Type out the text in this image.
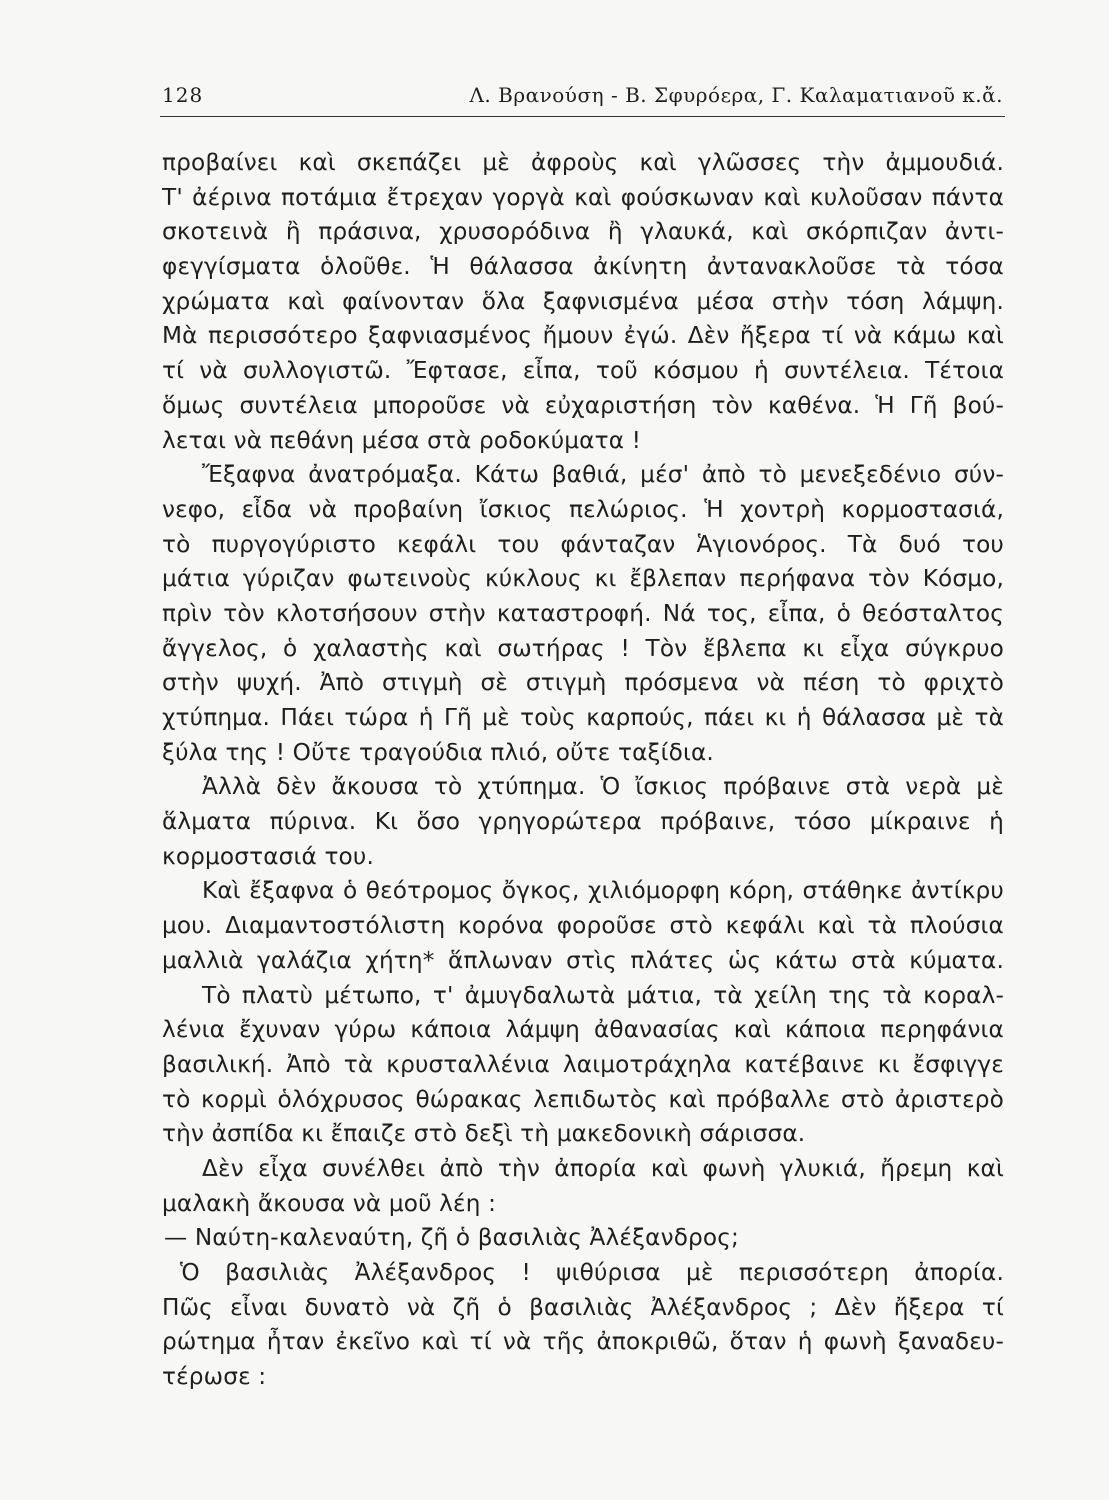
128	Λ. Βρανούση - Β. Σφυρόερα, Γ. Καλαματιανοῦ κ.ἄ.
προβαίνει καὶ σκεπάζει μὲ ἀφροὺς καὶ γλῶσσες τὴν ἀμμουδιά.
Τ' ἀέρινα ποτάμια ἔτρεχαν γοργὰ καὶ φούσκωναν καὶ κυλοῦσαν πάντα
σκοτεινὰ ἢ πράσινα, χρυσορόδινα ἢ γλαυκά, καὶ σκόρπιζαν ἀντι-
φεγγίσματα ὁλοῦθε. Ἡ θάλασσα ἀκίνητη ἀντανακλοῦσε τὰ τόσα
χρώματα καὶ φαίνονταν ὅλα ξαφνισμένα μέσα στὴν τόση λάμψη.
Μὰ περισσότερο ξαφνιασμένος ἤμουν ἐγώ. Δὲν ἤξερα τί νὰ κάμω καὶ
τί νὰ συλλογιστῶ. Ἔφτασε, εἶπα, τοῦ κόσμου ἡ συντέλεια. Τέτοια
ὅμως συντέλεια μποροῦσε νὰ εὐχαριστήση τὸν καθένα. Ἡ Γῆ βού-
λεται νὰ πεθάνη μέσα στὰ ροδοκύματα !
Ἔξαφνα ἀνατρόμαξα. Κάτω βαθιά, μέσ' ἀπὸ τὸ μενεξεδένιο σύν-
νεφο, εἶδα νὰ προβαίνη ἴσκιος πελώριος. Ἡ χοντρὴ κορμοστασιά,
τὸ πυργογύριστο κεφάλι του φάνταζαν Ἁγιονόρος. Τὰ δυό του
μάτια γύριζαν φωτεινοὺς κύκλους κι ἔβλεπαν περήφανα τὸν Κόσμο,
πρὶν τὸν κλοτσήσουν στὴν καταστροφή. Νά τος, εἶπα, ὁ θεόσταλτος
ἄγγελος, ὁ χαλαστὴς καὶ σωτήρας ! Τὸν ἔβλεπα κι εἶχα σύγκρυο
στὴν ψυχή. Ἀπὸ στιγμὴ σὲ στιγμὴ πρόσμενα νὰ πέση τὸ φριχτὸ
χτύπημα. Πάει τώρα ἡ Γῆ μὲ τοὺς καρπούς, πάει κι ἡ θάλασσα μὲ τὰ
ξύλα της ! Οὔτε τραγούδια πλιό, οὔτε ταξίδια.
Ἀλλὰ δὲν ἄκουσα τὸ χτύπημα. Ὁ ἴσκιος πρόβαινε στὰ νερὰ μὲ
ἅλματα πύρινα. Κι ὅσο γρηγορώτερα πρόβαινε, τόσο μίκραινε ἡ
κορμοστασιά του.
Καὶ ἔξαφνα ὁ θεότρομος ὄγκος, χιλιόμορφη κόρη, στάθηκε ἀντίκρυ
μου. Διαμαντοστόλιστη κορόνα φοροῦσε στὸ κεφάλι καὶ τὰ πλούσια
μαλλιὰ γαλάζια χήτη* ἅπλωναν στὶς πλάτες ὡς κάτω στὰ κύματα.
Τὸ πλατὺ μέτωπο, τ' ἀμυγδαλωτὰ μάτια, τὰ χείλη της τὰ κοραλ-
λένια ἔχυναν γύρω κάποια λάμψη ἀθανασίας καὶ κάποια περηφάνια
βασιλική. Ἀπὸ τὰ κρυσταλλένια λαιμοτράχηλα κατέβαινε κι ἔσφιγγε
τὸ κορμὶ ὁλόχρυσος θώρακας λεπιδωτὸς καὶ πρόβαλλε στὸ ἀριστερὸ
τὴν ἀσπίδα κι ἔπαιζε στὸ δεξὶ τὴ μακεδονικὴ σάρισσα.
Δὲν εἶχα συνέλθει ἀπὸ τὴν ἀπορία καὶ φωνὴ γλυκιά, ἤρεμη καὶ
μαλακὴ ἄκουσα νὰ μοῦ λέη :
— Ναύτη-καλεναύτη, ζῆ ὁ βασιλιὰς Ἀλέξανδρος;
Ὁ βασιλιὰς Ἀλέξανδρος ! ψιθύρισα μὲ περισσότερη ἀπορία.
Πῶς εἶναι δυνατὸ νὰ ζῆ ὁ βασιλιὰς Ἀλέξανδρος ; Δὲν ἤξερα τί
ρώτημα ἦταν ἐκεῖνο καὶ τί νὰ τῆς ἀποκριθῶ, ὅταν ἡ φωνὴ ξαναδευ-
τέρωσε :
